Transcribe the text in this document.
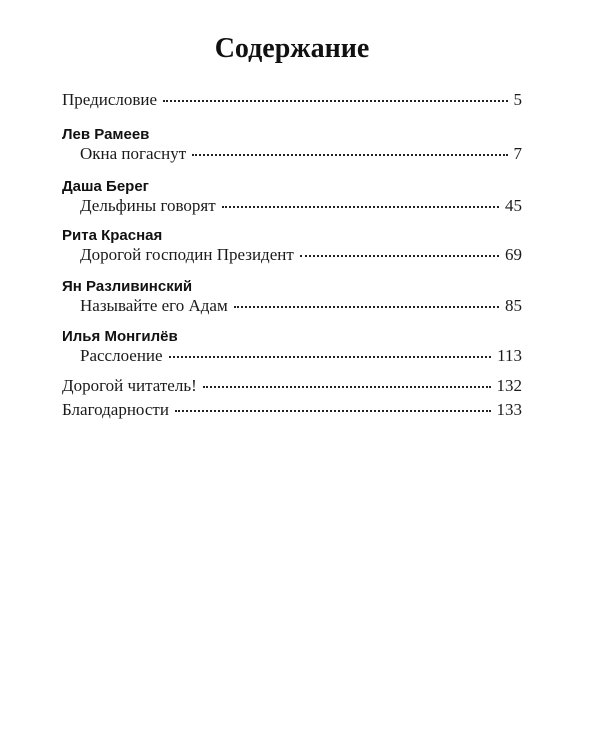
Содержание
Предисловие	5
Лев Рамеев
Окна погаснут	7
Даша Берег
Дельфины говорят	45
Рита Красная
Дорогой господин Президент	69
Ян Разливинский
Называйте его Адам	85
Илья Монгилёв
Расслоение	113
Дорогой читатель!	132
Благодарности	133
